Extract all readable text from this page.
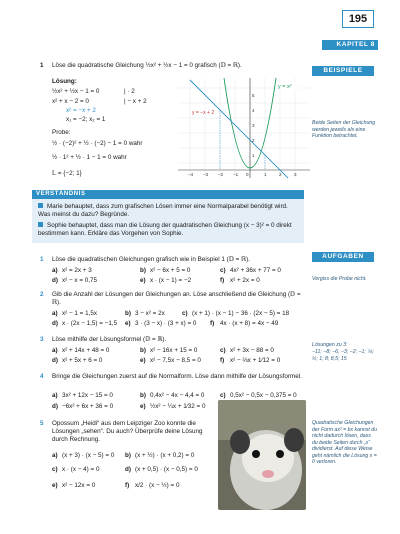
195
KAPITEL 8
BEISPIELE
1 Löse die quadratische Gleichung ½x² + ½x − 1 = 0 grafisch (𝔻 = ℝ).
Lösung:
½x² + ½x − 1 = 0	| · 2
x² + x − 2 = 0	| − x + 2
x² = −x + 2
x₁ = −2; x₂ = 1
Probe:
½ · (−2)² + ½ · (−2) − 1 = 0 wahr
½ · 1² + ½ · 1 − 1 = 0 wahr
𝕃 = {−2; 1}
y = x²
y = −x + 2
−4 −3 −2 −1 0	1	2	3
1
2
3
4
5
Beide Seiten der Gleichung werden jeweils als eine Funktion betrachtet.
VERSTÄNDNIS
Marie behauptet, dass zum grafischen Lösen immer eine Normalparabel benötigt wird. Was meinst du dazu? Begründe.
Sophie behauptet, dass man die Lösung der quadratischen Gleichung (x − 3)² = 0 direkt bestimmen kann. Erkläre das Vorgehen von Sophie.
AUFGABEN
1 Löse die quadratischen Gleichungen grafisch wie in Beispiel 1 (𝔻 = ℝ).
a) x² = 2x + 3	b) x² − 6x + 5 = 0	c) 4x² + 36x + 77 = 0
d) x² − x = 0,75	e) x · (x − 1) = −2	f) x² + 2x = 0	Vergiss die Probe nicht.
2 Gib die Anzahl der Lösungen der Gleichungen an. Löse anschließend die Gleichung (𝔻 = ℝ).
a) x² − 1 = 1,5x	b) 3 − x² = 2x	c) (x + 1) · (x − 1) − 36 · (2x − 5) = 18
d) x · (2x − 1,5) = −1,5 e) 3 · (3 − x) · (3 + x) = 0 f) 4x · (x + 8) = 4x − 49
3 Löse mithilfe der Lösungsformel (𝔻 = ℝ).
a) x² + 14x + 48 = 0	b) x² − 16x + 15 = 0	c) x² + 3x − 88 = 0
d) x² + 5x + 6 = 0	e) x² − 7,5x − 8,5 = 0	f) x² − ⅔x + 1⁄12 = 0
Lösungen zu 3:
−11; −8; −6; −3; −2; −1; ⅙; ½; 1; 8; 8,5; 15
4 Bringe die Gleichungen zuerst auf die Normalform. Löse dann mithilfe der Lösungsformel.
a) 3x² + 12x − 15 = 0	b) 0,4x² − 4x − 4,4 = 0 c) 0,5x² − 0,5x − 0,375 = 0
d) −6x² + 6x + 36 = 0	e) ½x² − ¼x + 1⁄32 = 0
5 Opossum „Heidi“ aus dem Leipziger Zoo konnte die Lösungen „sehen“. Du auch? Überprüfe deine Lösung durch Rechnung.
a) (x + 3) · (x − 5) = 0 b) (x + ½) · (x + 0,2) = 0
c) x · (x − 4) = 0	d) (x + 0,5) · (x − 0,5) = 0
e) x² − 12x = 0	f) x/2 · (x − ½) = 0
Quadratische Gleichungen der Form ax² = bx kannst du nicht dadurch lösen, dass du beide Seiten durch „x“ dividierst. Auf diese Weise geht nämlich die Lösung x = 0 verloren.
